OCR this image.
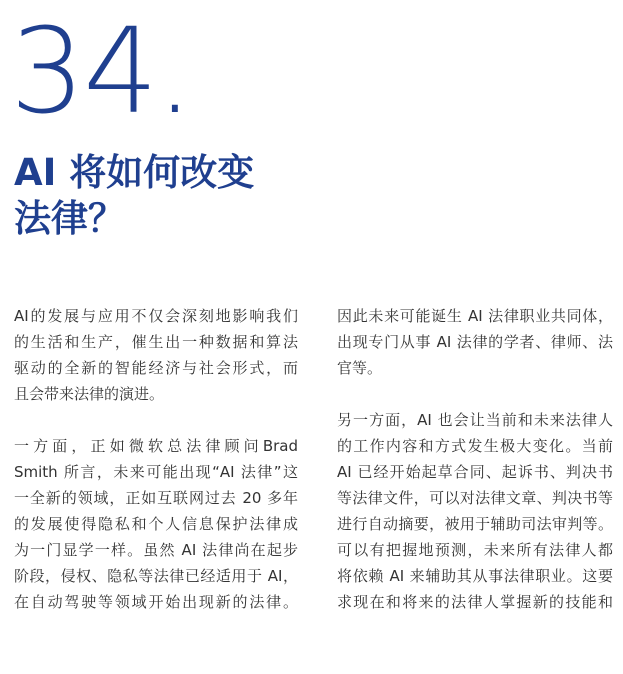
34.
AI 将如何改变
法律？
AI的发展与应用不仅会深刻地影响我们
的生活和生产，催生出一种数据和算法
驱动的全新的智能经济与社会形式，而
且会带来法律的演进。
一方面，正如微软总法律顾问Brad
Smith 所言，未来可能出现“AI 法律”这
一全新的领域，正如互联网过去 20 多年
的发展使得隐私和个人信息保护法律成
为一门显学一样。虽然 AI 法律尚在起步
阶段，侵权、隐私等法律已经适用于 AI，
在自动驾驶等领域开始出现新的法律。
因此未来可能诞生 AI 法律职业共同体，
出现专门从事 AI 法律的学者、律师、法
官等。
另一方面，AI 也会让当前和未来法律人
的工作内容和方式发生极大变化。当前
AI 已经开始起草合同、起诉书、判决书
等法律文件，可以对法律文章、判决书等
进行自动摘要，被用于辅助司法审判等。
可以有把握地预测，未来所有法律人都
将依赖 AI 来辅助其从事法律职业。这要
求现在和将来的法律人掌握新的技能和
